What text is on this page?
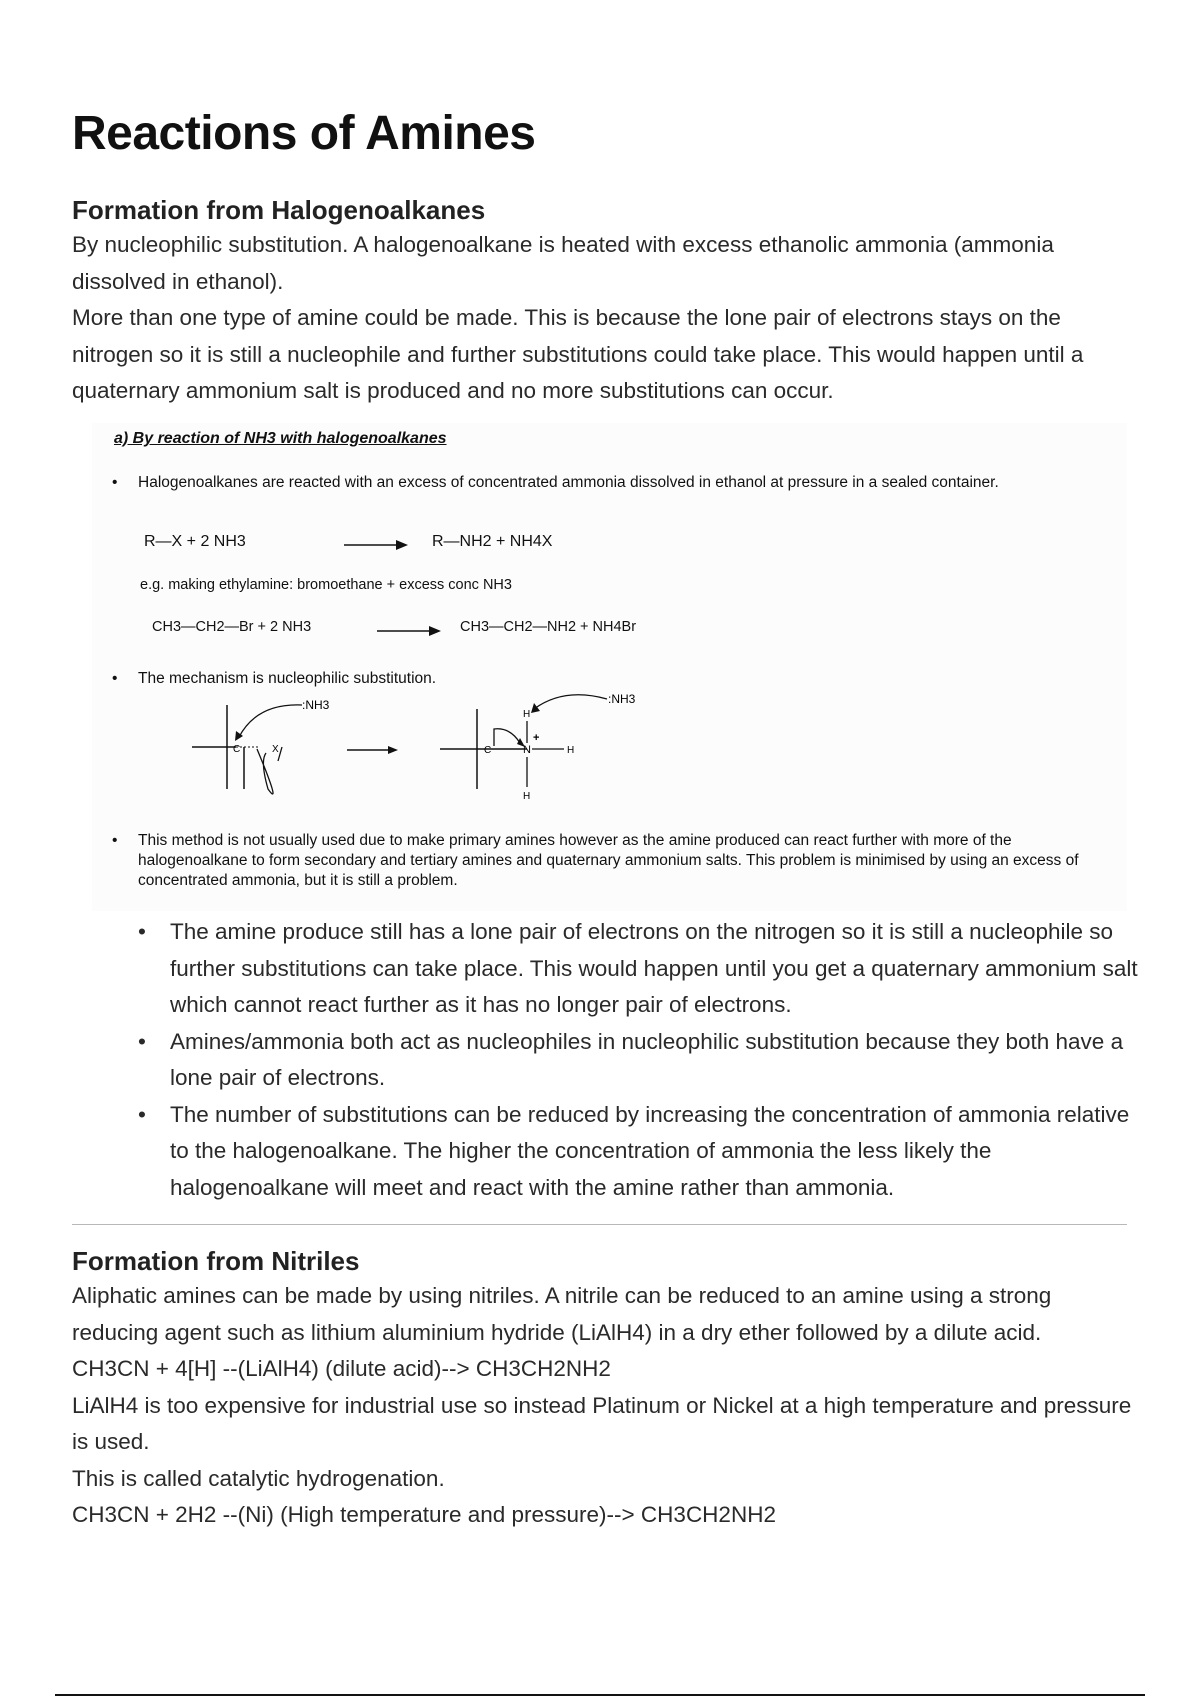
Reactions of Amines
Formation from Halogenoalkanes

By nucleophilic substitution. A halogenoalkane is heated with excess ethanolic ammonia (ammonia dissolved in ethanol).

More than one type of amine could be made. This is because the lone pair of electrons stays on the nitrogen so it is still a nucleophile and further substitutions could take place. This would happen until a quaternary ammonium salt is produced and no more substitutions can occur.

a) By reaction of NH3 with halogenoalkanes
• Halogenoalkanes are reacted with an excess of concentrated ammonia dissolved in ethanol at pressure in a sealed container.
R—X + 2 NH3	→ R—NH2 + NH4X
e.g. making ethylamine: bromoethane + excess conc NH3
CH3—CH2—Br + 2 NH3	→ CH3—CH2—NH2 + NH4Br
• The mechanism is nucleophilic substitution.
C	X
:NH3
C	N
+
H
H
H
:NH3
• This method is not usually used due to make primary amines however as the amine produced can react further with more of the halogenoalkane to form secondary and tertiary amines and quaternary ammonium salts. This problem is minimised by using an excess of concentrated ammonia, but it is still a problem.
• The amine produce still has a lone pair of electrons on the nitrogen so it is still a nucleophile so further substitutions can take place. This would happen until you get a quaternary ammonium salt which cannot react further as it has no longer pair of electrons.
• Amines/ammonia both act as nucleophiles in nucleophilic substitution because they both have a lone pair of electrons.
• The number of substitutions can be reduced by increasing the concentration of ammonia relative to the halogenoalkane. The higher the concentration of ammonia the less likely the halogenoalkane will meet and react with the amine rather than ammonia.
Formation from Nitriles

Aliphatic amines can be made by using nitriles. A nitrile can be reduced to an amine using a strong reducing agent such as lithium aluminium hydride (LiAlH4) in a dry ether followed by a dilute acid.

CH3CN + 4[H] --(LiAlH4) (dilute acid)--> CH3CH2NH2

LiAlH4 is too expensive for industrial use so instead Platinum or Nickel at a high temperature and pressure is used.

This is called catalytic hydrogenation.

CH3CN + 2H2 --(Ni) (High temperature and pressure)--> CH3CH2NH2
